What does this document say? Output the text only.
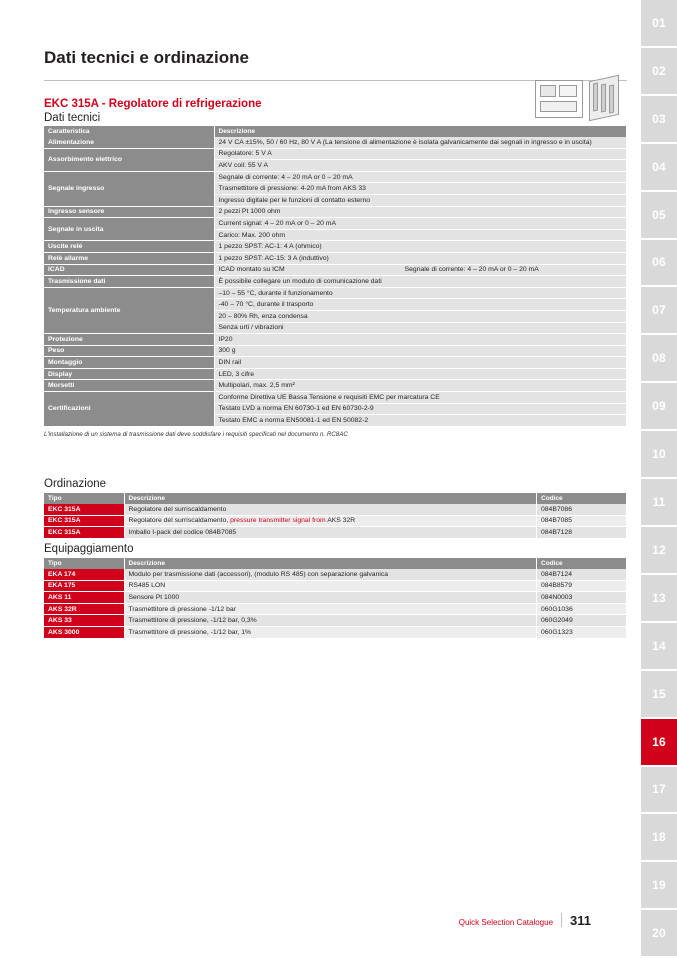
Dati tecnici e ordinazione
EKC 315A - Regolatore di refrigerazione
Dati tecnici
Caratteristica	Descrizione
Alimentazione	24 V CA ±15%, 50 / 60 Hz, 80 V A (La tensione di alimentazione è isolata galvanicamente dai segnali in ingresso e in uscita)
Assorbimento elettrico	Regolatore: 5 V A
	AKV coil: 55 V A
Segnale ingresso	Segnale di corrente: 4 – 20 mA or 0 – 20 mA
	Trasmettitore di pressione: 4-20 mA from AKS 33
	Ingresso digitale per le funzioni di contatto esterno
Ingresso sensore	2 pezzi Pt 1000 ohm
Segnale in uscita	Current signal: 4 – 20 mA or 0 – 20 mA
	Carico: Max. 200 ohm
Uscite relè	1 pezzo SPST: AC-1: 4 A (ohmico)
Relè allarme	1 pezzo SPST: AC-15: 3 A (induttivo)
ICAD	ICAD montato su ICM Segnale di corrente: 4 – 20 mA or 0 – 20 mA
Trasmissione dati	È possibile collegare un modulo di comunicazione dati
Temperatura ambiente	–10 – 55 °C, durante il funzionamento
	-40 – 70 °C, durante il trasporto
	20 – 80% Rh, enza condensa
	Senza urti / vibrazioni
Protezione	IP20
Peso	300 g
Montaggio	DIN rail
Display	LED, 3 cifre
Morsetti	Multipolari, max. 2,5 mm²
Certificazioni	Conforme Direttiva UE Bassa Tensione e requisiti EMC per marcatura CE
	Testato LVD a norma EN 60730-1 ed EN 60730-2-9
	Testato EMC a norma EN50081-1 ed EN 50082-2
L'installazione di un sistema di trasmissione dati deve soddisfare i requisiti specificati nel documento n. RC8AC
Ordinazione
Tipo	Descrizione	Codice
EKC 315A	Regolatore del surriscaldamento	084B7086
EKC 315A	Regolatore del surriscaldamento, pressure transmitter signal from AKS 32R	084B7085
EKC 315A	Imballo I-pack del codice 084B7085	084B7128
Equipaggiamento
Tipo	Descrizione	Codice
EKA 174	Modulo per trasmissione dati (accessori), (modulo RS 485) con separazione galvanica	084B7124
EKA 175	RS485 LON	084B8579
AKS 11	Sensore Pt 1000	084N0003
AKS 32R	Trasmettitore di pressione -1/12 bar	060G1036
AKS 33	Trasmettitore di pressione, -1/12 bar, 0,3%	060G2049
AKS 3000	Trasmettitore di pressione, -1/12 bar, 1%	060G1323
Quick Selection Catalogue 311
01
02
03
04
05
06
07
08
09
10
11
12
13
14
15
16
17
18
19
20
